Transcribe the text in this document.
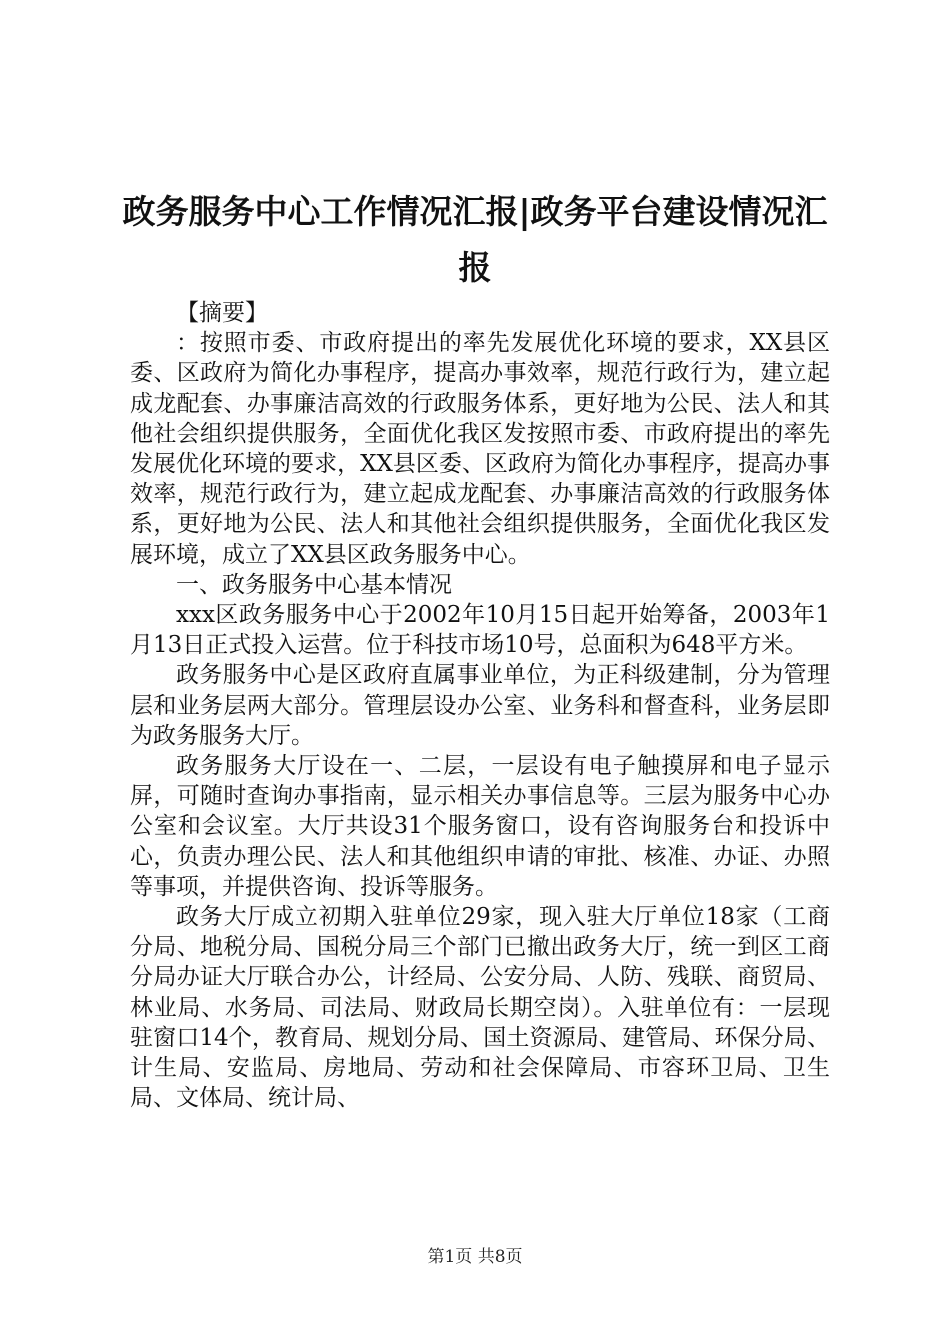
政务服务中心工作情况汇报|政务平台建设情况汇报

【摘要】

：按照市委、市政府提出的率先发展优化环境的要求，XX县区委、区政府为简化办事程序，提高办事效率，规范行政行为，建立起成龙配套、办事廉洁高效的行政服务体系，更好地为公民、法人和其他社会组织提供服务，全面优化我区发按照市委、市政府提出的率先发展优化环境的要求，XX县区委、区政府为简化办事程序，提高办事效率，规范行政行为，建立起成龙配套、办事廉洁高效的行政服务体系，更好地为公民、法人和其他社会组织提供服务，全面优化我区发展环境，成立了XX县区政务服务中心。

一、政务服务中心基本情况

xxx区政务服务中心于2002年10月15日起开始筹备，2003年1月13日正式投入运营。位于科技市场10号，总面积为648平方米。

政务服务中心是区政府直属事业单位，为正科级建制，分为管理层和业务层两大部分。管理层设办公室、业务科和督查科，业务层即为政务服务大厅。

政务服务大厅设在一、二层，一层设有电子触摸屏和电子显示屏，可随时查询办事指南，显示相关办事信息等。三层为服务中心办公室和会议室。大厅共设31个服务窗口，设有咨询服务台和投诉中心，负责办理公民、法人和其他组织申请的审批、核准、办证、办照等事项，并提供咨询、投诉等服务。

政务大厅成立初期入驻单位29家，现入驻大厅单位18家（工商分局、地税分局、国税分局三个部门已撤出政务大厅，统一到区工商分局办证大厅联合办公，计经局、公安分局、人防、残联、商贸局、林业局、水务局、司法局、财政局长期空岗）。入驻单位有：一层现驻窗口14个，教育局、规划分局、国土资源局、建管局、环保分局、计生局、安监局、房地局、劳动和社会保障局、市容环卫局、卫生局、文体局、统计局、

第1页 共8页
